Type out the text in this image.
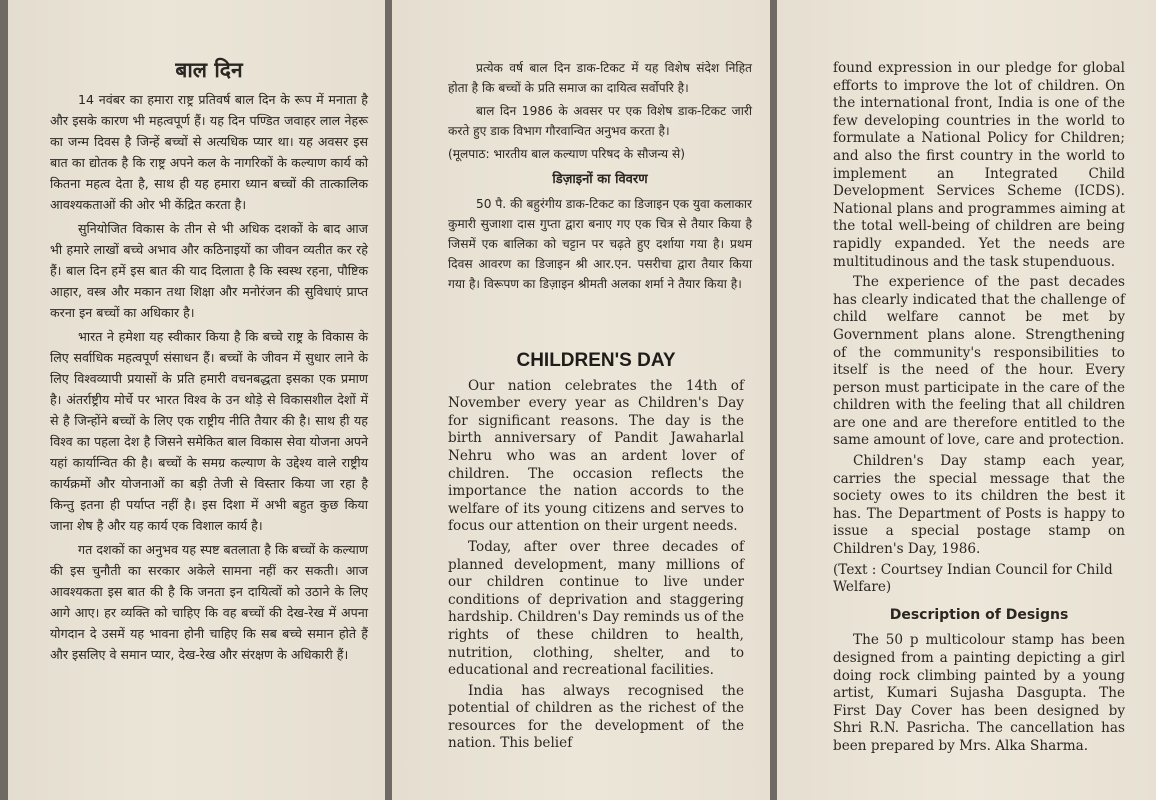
बाल दिन

14 नवंबर का हमारा राष्ट्र प्रतिवर्ष बाल दिन के रूप में मनाता है और इसके कारण भी महत्वपूर्ण हैं। यह दिन पण्डित जवाहर लाल नेहरू का जन्म दिवस है जिन्हें बच्चों से अत्यधिक प्यार था। यह अवसर इस बात का द्योतक है कि राष्ट्र अपने कल के नागरिकों के कल्याण कार्य को कितना महत्व देता है, साथ ही यह हमारा ध्यान बच्चों की तात्कालिक आवश्यकताओं की ओर भी केंद्रित करता है।

सुनियोजित विकास के तीन से भी अधिक दशकों के बाद आज भी हमारे लाखों बच्चे अभाव और कठिनाइयों का जीवन व्यतीत कर रहे हैं। बाल दिन हमें इस बात की याद दिलाता है कि स्वस्थ रहना, पौष्टिक आहार, वस्त्र और मकान तथा शिक्षा और मनोरंजन की सुविधाएं प्राप्त करना इन बच्चों का अधिकार है।

भारत ने हमेशा यह स्वीकार किया है कि बच्चे राष्ट्र के विकास के लिए सर्वाधिक महत्वपूर्ण संसाधन हैं। बच्चों के जीवन में सुधार लाने के लिए विश्वव्यापी प्रयासों के प्रति हमारी वचनबद्धता इसका एक प्रमाण है। अंतर्राष्ट्रीय मोर्चे पर भारत विश्व के उन थोड़े से विकासशील देशों में से है जिन्होंने बच्चों के लिए एक राष्ट्रीय नीति तैयार की है। साथ ही यह विश्व का पहला देश है जिसने समेकित बाल विकास सेवा योजना अपने यहां कार्यान्वित की है। बच्चों के समग्र कल्याण के उद्देश्य वाले राष्ट्रीय कार्यक्रमों और योजनाओं का बड़ी तेजी से विस्तार किया जा रहा है किन्तु इतना ही पर्याप्त नहीं है। इस दिशा में अभी बहुत कुछ किया जाना शेष है और यह कार्य एक विशाल कार्य है।

गत दशकों का अनुभव यह स्पष्ट बतलाता है कि बच्चों के कल्याण की इस चुनौती का सरकार अकेले सामना नहीं कर सकती। आज आवश्यकता इस बात की है कि जनता इन दायित्वों को उठाने के लिए आगे आए। हर व्यक्ति को चाहिए कि वह बच्चों की देख-रेख में अपना योगदान दे उसमें यह भावना होनी चाहिए कि सब बच्चे समान होते हैं और इसलिए वे समान प्यार, देख-रेख और संरक्षण के अधिकारी हैं।

प्रत्येक वर्ष बाल दिन डाक-टिकट में यह विशेष संदेश निहित होता है कि बच्चों के प्रति समाज का दायित्व सर्वोपरि है।

बाल दिन 1986 के अवसर पर एक विशेष डाक-टिकट जारी करते हुए डाक विभाग गौरवान्वित अनुभव करता है।

(मूलपाठ: भारतीय बाल कल्याण परिषद के सौजन्य से)

डिज़ाइनों का विवरण

50 पै. की बहुरंगीय डाक-टिकट का डिजाइन एक युवा कलाकार कुमारी सुजाशा दास गुप्ता द्वारा बनाए गए एक चित्र से तैयार किया है जिसमें एक बालिका को चट्टान पर चढ़ते हुए दर्शाया गया है। प्रथम दिवस आवरण का डिजाइन श्री आर.एन. पसरीचा द्वारा तैयार किया गया है। विरूपण का डिज़ाइन श्रीमती अलका शर्मा ने तैयार किया है।

CHILDREN'S DAY

Our nation celebrates the 14th of November every year as Children's Day for significant reasons. The day is the birth anniversary of Pandit Jawaharlal Nehru who was an ardent lover of children. The occasion reflects the importance the nation accords to the welfare of its young citizens and serves to focus our attention on their urgent needs.

Today, after over three decades of planned development, many millions of our children continue to live under conditions of deprivation and staggering hardship. Children's Day reminds us of the rights of these children to health, nutrition, clothing, shelter, and to educational and recreational facilities.

India has always recognised the potential of children as the richest of the resources for the development of the nation. This belief

found expression in our pledge for global efforts to improve the lot of children. On the international front, India is one of the few developing countries in the world to formulate a National Policy for Children; and also the first country in the world to implement an Integrated Child Development Services Scheme (ICDS). National plans and programmes aiming at the total well-being of children are being rapidly expanded. Yet the needs are multitudinous and the task stupenduous.

The experience of the past decades has clearly indicated that the challenge of child welfare cannot be met by Government plans alone. Strengthening of the community's responsibilities to itself is the need of the hour. Every person must participate in the care of the children with the feeling that all children are one and are therefore entitled to the same amount of love, care and protection.

Children's Day stamp each year, carries the special message that the society owes to its children the best it has. The Department of Posts is happy to issue a special postage stamp on Children's Day, 1986.

(Text : Courtsey Indian Council for Child Welfare)

Description of Designs

The 50 p multicolour stamp has been designed from a painting depicting a girl doing rock climbing painted by a young artist, Kumari Sujasha Dasgupta. The First Day Cover has been designed by Shri R.N. Pasricha. The cancellation has been prepared by Mrs. Alka Sharma.
